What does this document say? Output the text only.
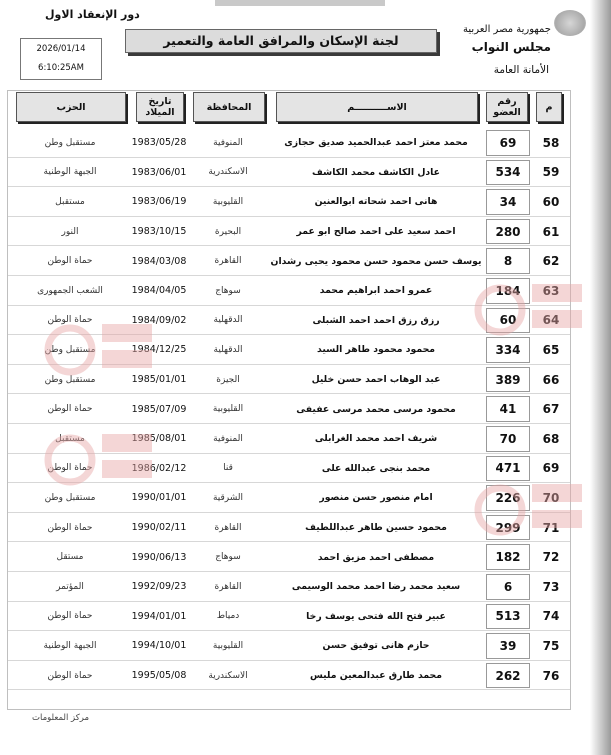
دور الإنعقاد الاول
2026/01/14
6:10:25AM
لجنة الإسكان والمرافق العامة والتعمير
جمهورية مصر العربية
مجلس النواب
الأمانة العامة
م
رقم العضو
الاســــــــــم
المحافظة
تاريخ الميلاد
الحزب
58
69
محمد معتز احمد عبدالحميد صديق حجازى
المنوفية
1983/05/28
مستقبل وطن
59
534
عادل الكاشف محمد الكاشف
الاسكندرية
1983/06/01
الجبهة الوطنية
60
34
هانى احمد شحاته ابوالعنين
القليوبية
1983/06/19
مستقبل
61
280
احمد سعيد على احمد صالح ابو عمر
البحيرة
1983/10/15
النور
62
8
يوسف حسن محمود حسن محمود يحيى رشدان
القاهرة
1984/03/08
حماة الوطن
63
184
عمرو احمد ابراهيم محمد
سوهاج
1984/04/05
الشعب الجمهورى
64
60
رزق رزق احمد احمد الشبلى
الدقهلية
1984/09/02
حماة الوطن
65
334
محمود محمود طاهر السيد
الدقهلية
1984/12/25
مستقبل وطن
66
389
عبد الوهاب احمد حسن خليل
الجيزة
1985/01/01
مستقبل وطن
67
41
محمود مرسى محمد مرسى عفيفى
القليوبية
1985/07/09
حماة الوطن
68
70
شريف احمد محمد الغرابلى
المنوفية
1985/08/01
مستقبل
69
471
محمد بنجى عبدالله على
قنا
1986/02/12
حماة الوطن
70
226
امام منصور حسن منصور
الشرقية
1990/01/01
مستقبل وطن
71
299
محمود حسين طاهر عبداللطيف
القاهرة
1990/02/11
حماة الوطن
72
182
مصطفى احمد مزيق احمد
سوهاج
1990/06/13
مستقل
73
6
سعيد محمد رضا احمد محمد الوسيمى
القاهرة
1992/09/23
المؤتمر
74
513
عبير فتح الله فتحى يوسف رخا
دمياط
1994/01/01
حماة الوطن
75
39
حازم هانى توفيق حسن
القليوبية
1994/10/01
الجبهة الوطنية
76
262
محمد طارق عبدالمعين مليس
الاسكندرية
1995/05/08
حماة الوطن
مركز المعلومات
